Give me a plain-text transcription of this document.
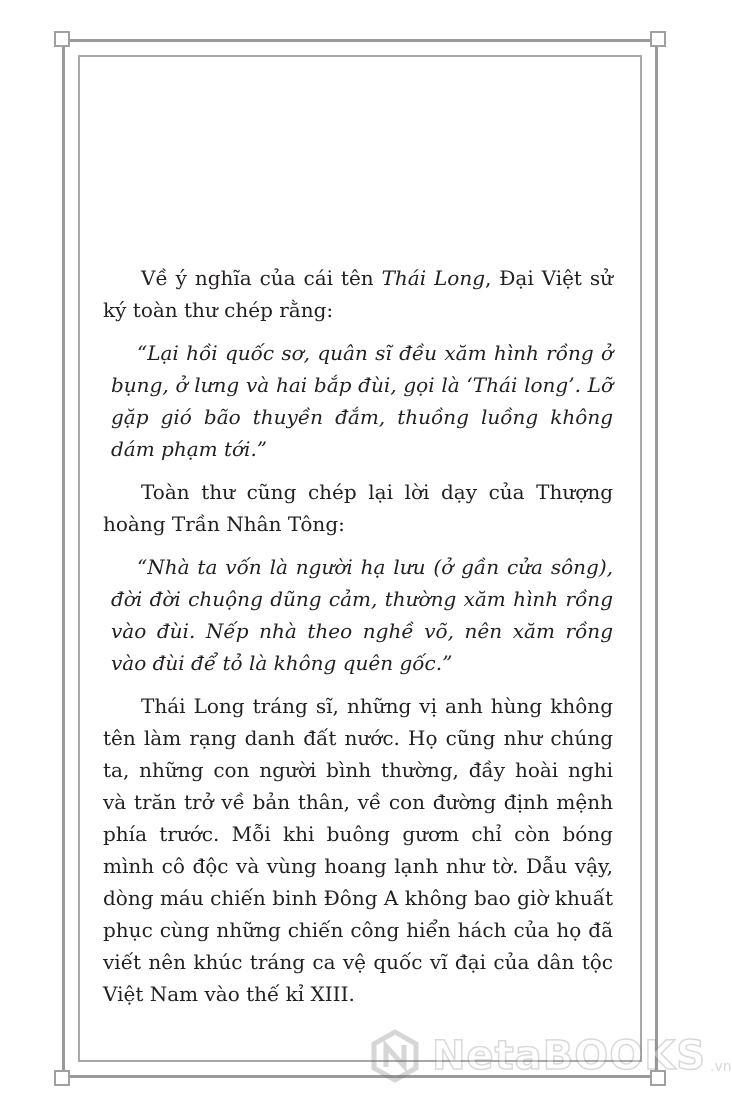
Về ý nghĩa của cái tên Thái Long, Đại Việt sử ký toàn thư chép rằng:

“Lại hồi quốc sơ, quân sĩ đều xăm hình rồng ở bụng, ở lưng và hai bắp đùi, gọi là ‘Thái long’. Lỡ gặp gió bão thuyền đắm, thuồng luồng không dám phạm tới.”

Toàn thư cũng chép lại lời dạy của Thượng hoàng Trần Nhân Tông:

“Nhà ta vốn là người hạ lưu (ở gần cửa sông), đời đời chuộng dũng cảm, thường xăm hình rồng vào đùi. Nếp nhà theo nghề võ, nên xăm rồng vào đùi để tỏ là không quên gốc.”

Thái Long tráng sĩ, những vị anh hùng không tên làm rạng danh đất nước. Họ cũng như chúng ta, những con người bình thường, đầy hoài nghi và trăn trở về bản thân, về con đường định mệnh phía trước. Mỗi khi buông gươm chỉ còn bóng mình cô độc và vùng hoang lạnh như tờ. Dẫu vậy, dòng máu chiến binh Đông A không bao giờ khuất phục cùng những chiến công hiển hách của họ đã viết nên khúc tráng ca vệ quốc vĩ đại của dân tộc Việt Nam vào thế kỉ XIII.

NetaBOOKS .vn
